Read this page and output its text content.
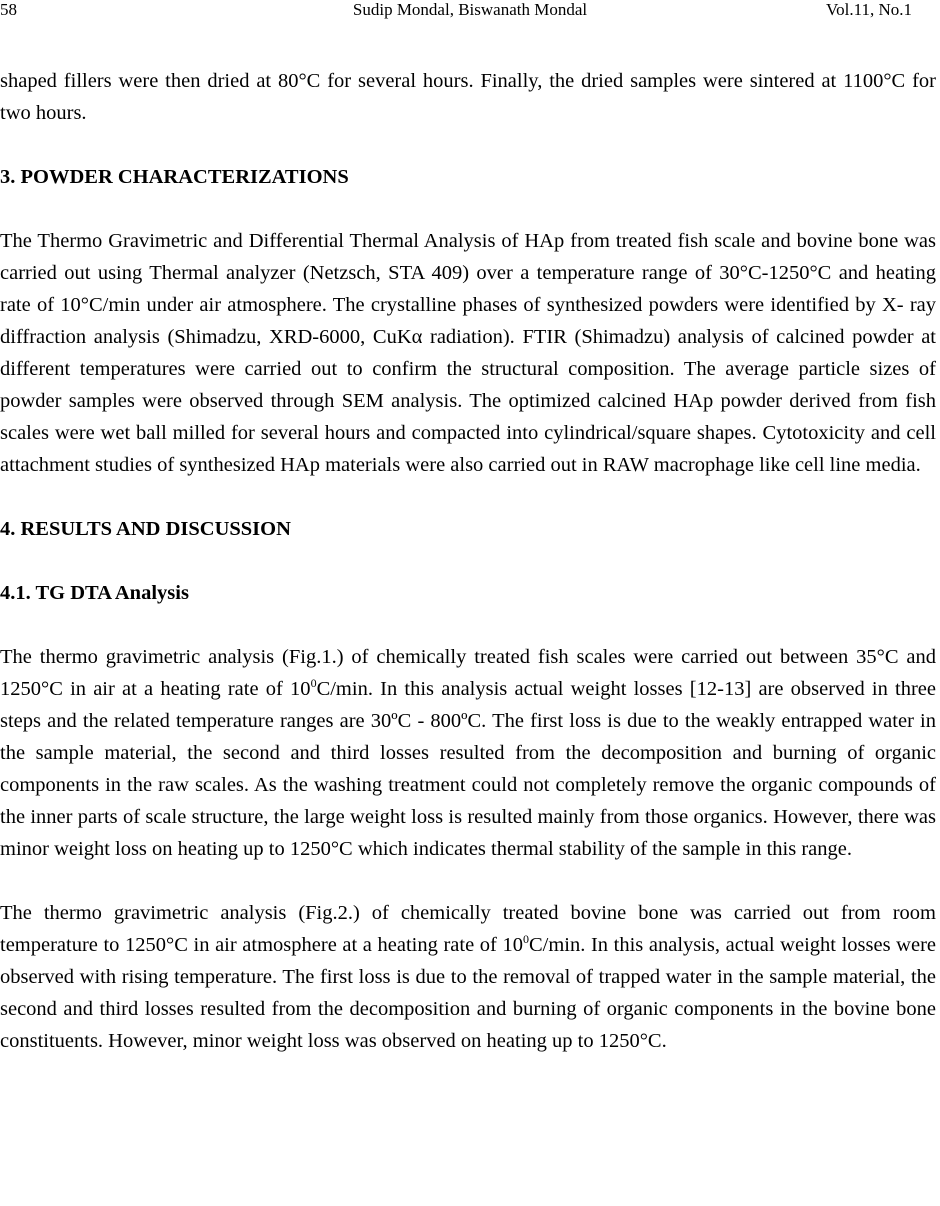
58	Sudip Mondal, Biswanath Mondal	Vol.11, No.1

shaped fillers were then dried at 80°C for several hours. Finally, the dried samples were sintered at 1100°C for two hours.

3. POWDER CHARACTERIZATIONS

The Thermo Gravimetric and Differential Thermal Analysis of HAp from treated fish scale and bovine bone was carried out using Thermal analyzer (Netzsch, STA 409) over a temperature range of 30°C-1250°C and heating rate of 10°C/min under air atmosphere. The crystalline phases of synthesized powders were identified by X- ray diffraction analysis (Shimadzu, XRD-6000, CuKα radiation). FTIR (Shimadzu) analysis of calcined powder at different temperatures were carried out to confirm the structural composition. The average particle sizes of powder samples were observed through SEM analysis. The optimized calcined HAp powder derived from fish scales were wet ball milled for several hours and compacted into cylindrical/square shapes. Cytotoxicity and cell attachment studies of synthesized HAp materials were also carried out in RAW macrophage like cell line media.

4. RESULTS AND DISCUSSION
4.1. TG DTA Analysis

The thermo gravimetric analysis (Fig.1.) of chemically treated fish scales were carried out between 35°C and 1250°C in air at a heating rate of $10^0C/\min$. In this analysis actual weight losses [12-13] are observed in three steps and the related temperature ranges are 30ºC - 800ºC. The first loss is due to the weakly entrapped water in the sample material, the second and third losses resulted from the decomposition and burning of organic components in the raw scales. As the washing treatment could not completely remove the organic compounds of the inner parts of scale structure, the large weight loss is resulted mainly from those organics. However, there was minor weight loss on heating up to 1250°C which indicates thermal stability of the sample in this range.

The thermo gravimetric analysis (Fig.2.) of chemically treated bovine bone was carried out from room temperature to 1250°C in air atmosphere at a heating rate of $10^0C/\min$. In this analysis, actual weight losses were observed with rising temperature. The first loss is due to the removal of trapped water in the sample material, the second and third losses resulted from the decomposition and burning of organic components in the bovine bone constituents. However, minor weight loss was observed on heating up to 1250°C.
